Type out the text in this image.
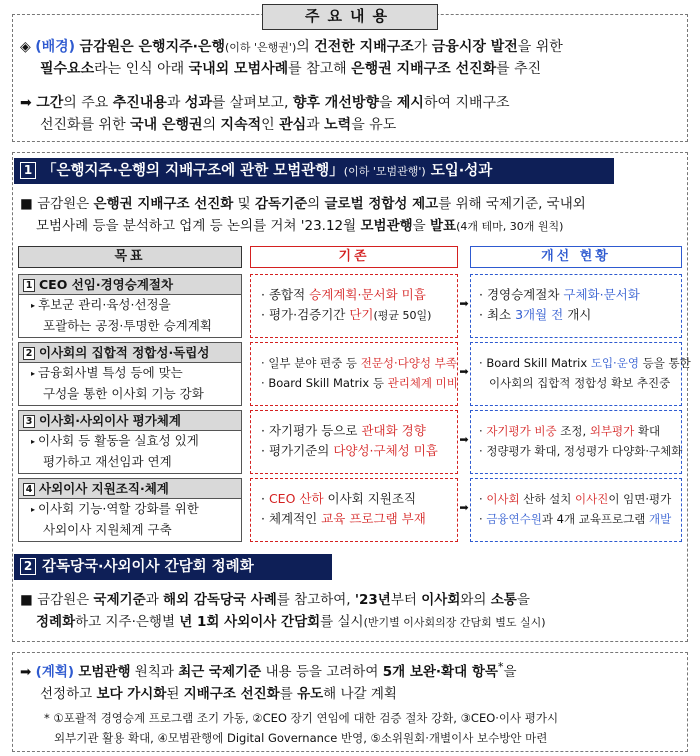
주요내용
◈ (배경) 금감원은 은행지주·은행(이하 '은행권')의 건전한 지배구조가 금융시장 발전을 위한
필수요소라는 인식 아래 국내외 모범사례를 참고해 은행권 지배구조 선진화를 추진
➡ 그간의 주요 추진내용과 성과를 살펴보고, 향후 개선방향을 제시하여 지배구조
선진화를 위한 국내 은행권의 지속적인 관심과 노력을 유도
1 「은행지주·은행의 지배구조에 관한 모범관행」(이하 '모범관행') 도입·성과
■ 금감원은 은행권 지배구조 선진화 및 감독기준의 글로벌 정합성 제고를 위해 국제기준, 국내외
모범사례 등을 분석하고 업계 등 논의를 거쳐 '23.12월 모범관행을 발표(4개 테마, 30개 원칙)
목표	기존	개선 현황
1 CEO 선임·경영승계절차
▸ 후보군 관리·육성·선정을
포괄하는 공정·투명한 승계계획
· 종합적 승계계획·문서화 미흡
· 평가·검증기간 단기(평균 50일)
➡
· 경영승계절차 구체화·문서화
· 최소 3개월 전 개시
2 이사회의 집합적 정합성·독립성
▸ 금융회사별 특성 등에 맞는
구성을 통한 이사회 기능 강화
· 일부 분야 편중 등 전문성·다양성 부족
· Board Skill Matrix 등 관리체계 미비
➡
· Board Skill Matrix 도입·운영 등을 통한
이사회의 집합적 정합성 확보 추진중
3 이사회·사외이사 평가체계
▸ 이사회 등 활동을 실효성 있게
평가하고 재선임과 연계
· 자기평가 등으로 관대화 경향
· 평가기준의 다양성·구체성 미흡
➡
· 자기평가 비중 조정, 외부평가 확대
· 정량평가 확대, 정성평가 다양화·구체화
4 사외이사 지원조직·체계
▸ 이사회 기능·역할 강화를 위한
사외이사 지원체계 구축
· CEO 산하 이사회 지원조직
· 체계적인 교육 프로그램 부재
➡
· 이사회 산하 설치 이사진이 임면·평가
· 금융연수원과 4개 교육프로그램 개발
2 감독당국·사외이사 간담회 정례화
■ 금감원은 국제기준과 해외 감독당국 사례를 참고하여, '23년부터 이사회와의 소통을
정례화하고 지주·은행별 년 1회 사외이사 간담회를 실시(반기별 이사회의장 간담회 별도 실시)
➡ (계획) 모범관행 원칙과 최근 국제기준 내용 등을 고려하여 5개 보완·확대 항목*을
선정하고 보다 가시화된 지배구조 선진화를 유도해 나갈 계획
* ①포괄적 경영승계 프로그램 조기 가동, ②CEO 장기 연임에 대한 검증 절차 강화, ③CEO·이사 평가시
외부기관 활용 확대, ④모범관행에 Digital Governance 반영, ⑤소위원회·개별이사 보수방안 마련
